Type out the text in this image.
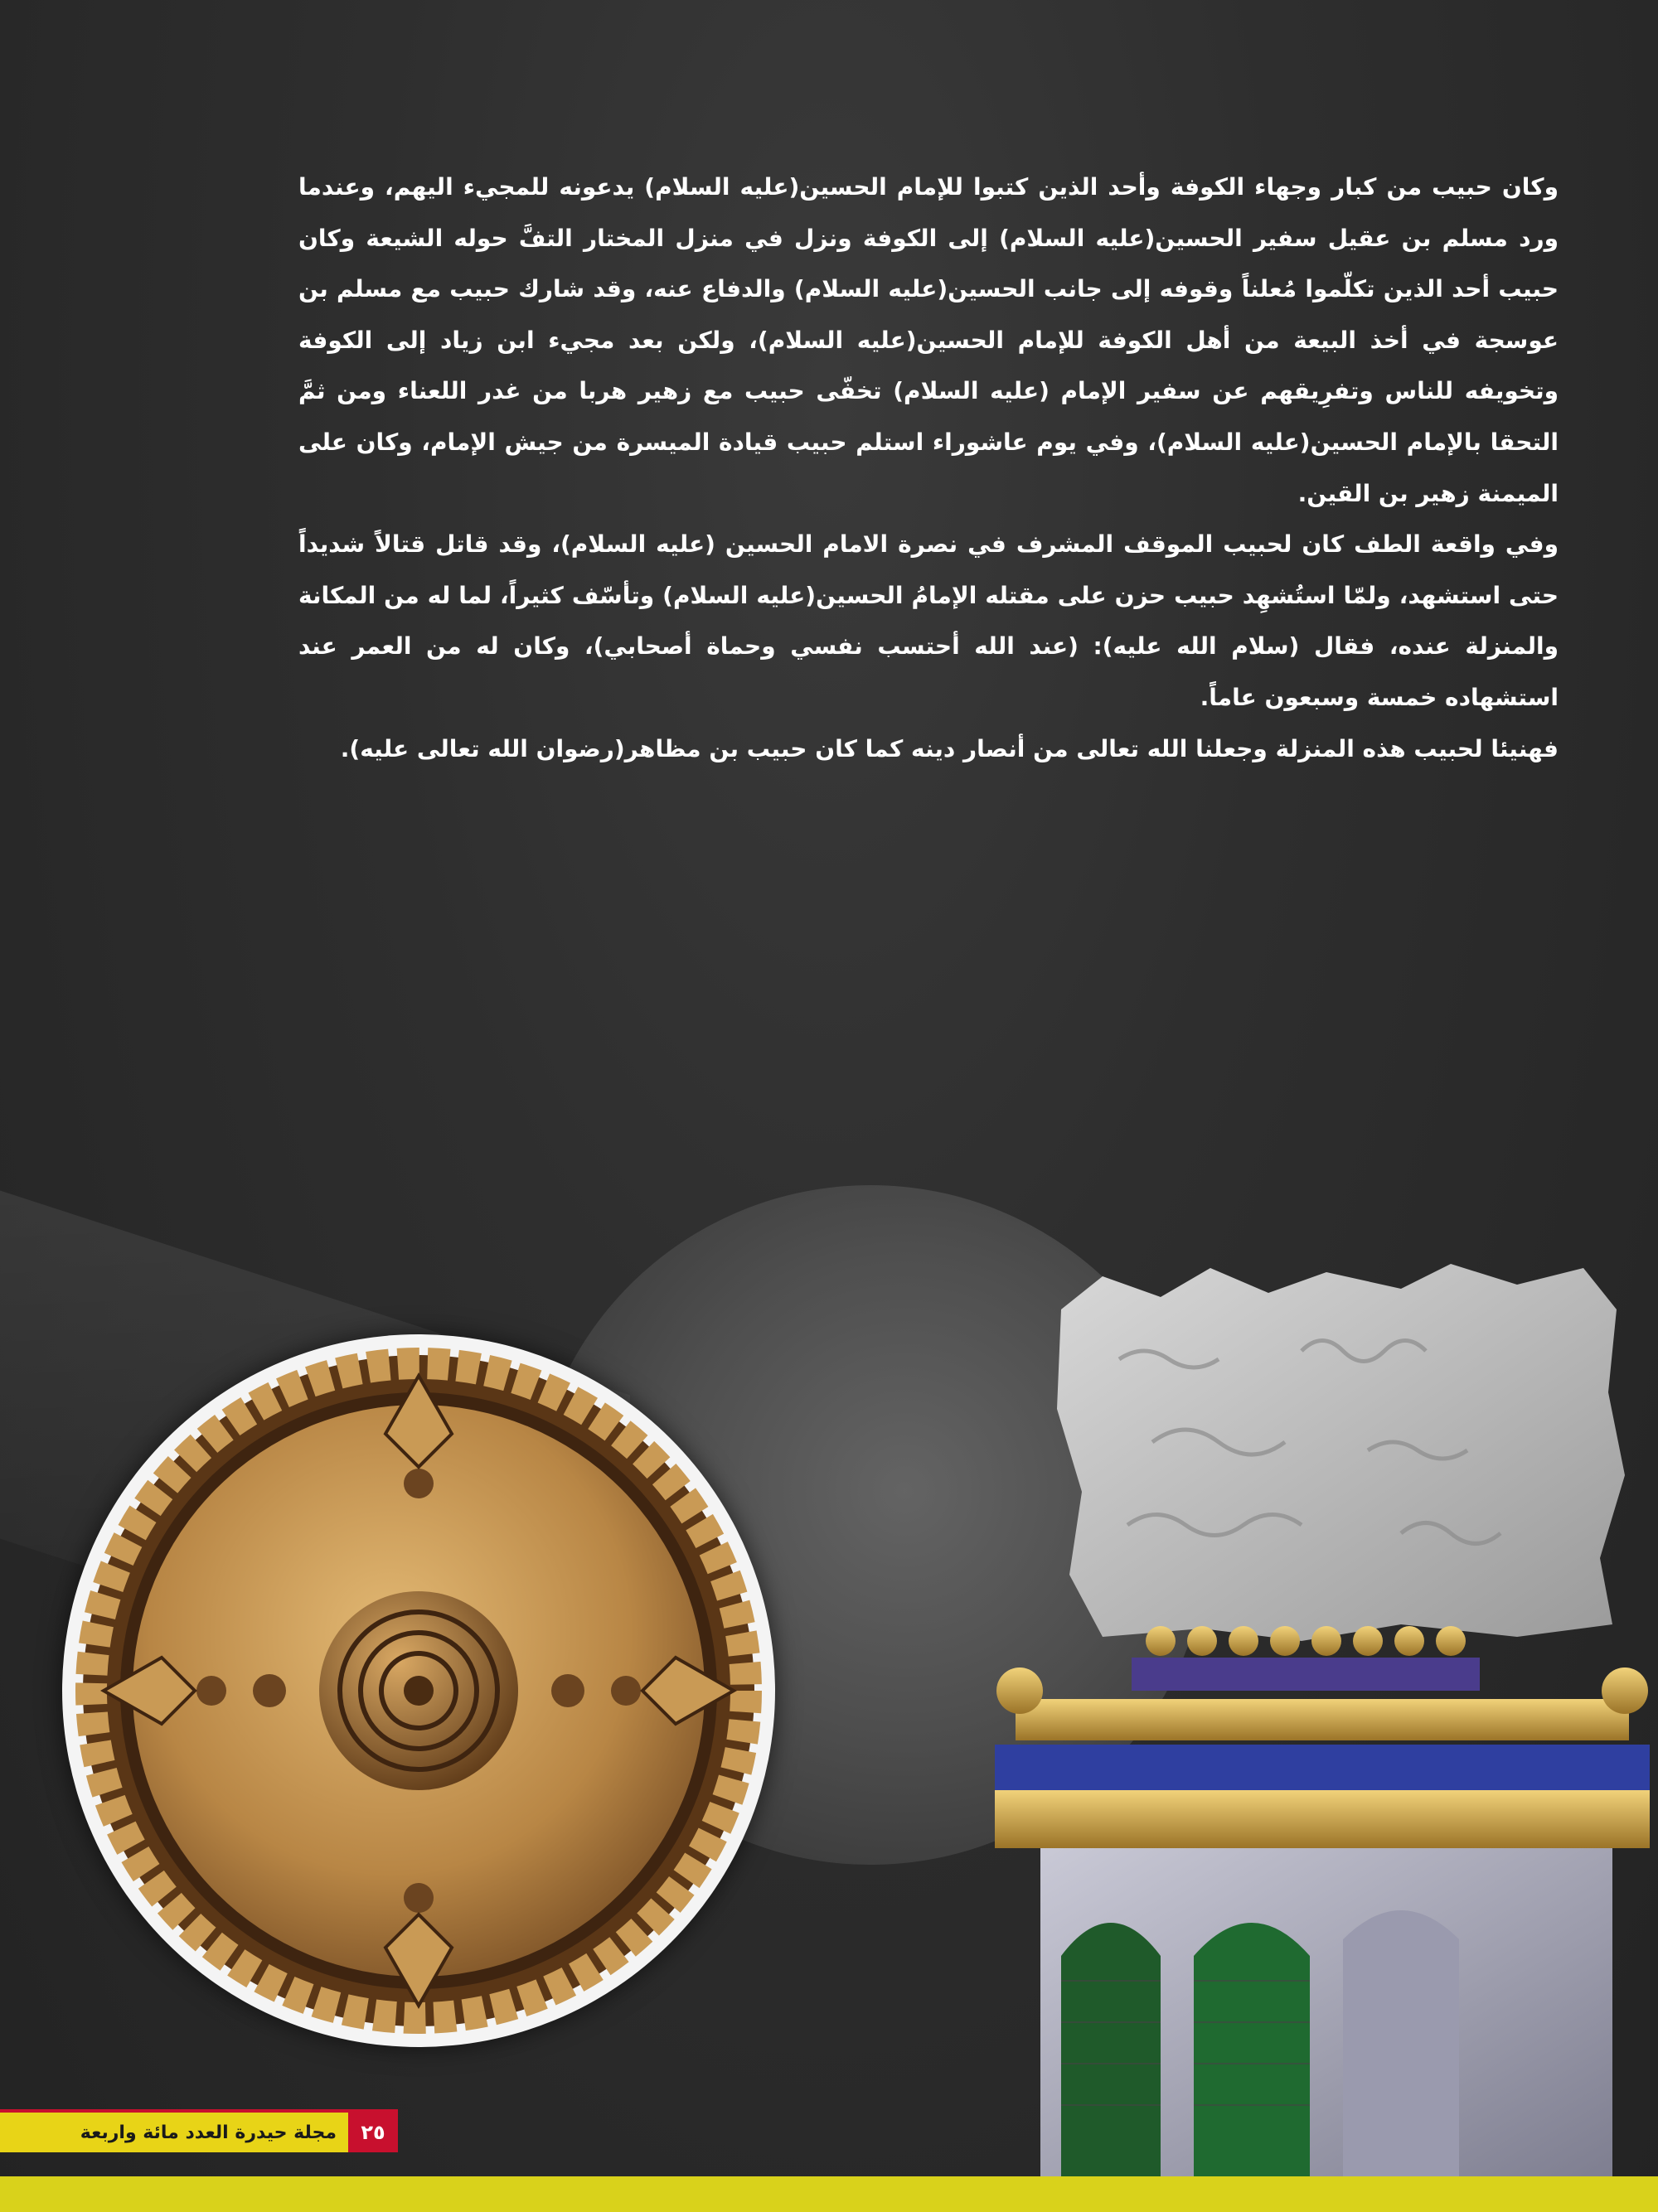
وكان حبيب من كبار وجهاء الكوفة وأحد الذين كتبوا للإمام الحسين(عليه السلام) يدعونه للمجيء اليهم، وعندما ورد مسلم بن عقيل سفير الحسين(عليه السلام) إلى الكوفة ونزل في منزل المختار التفَّ حوله الشيعة وكان حبيب أحد الذين تكلّموا مُعلناً وقوفه إلى جانب الحسين(عليه السلام) والدفاع عنه، وقد شارك حبيب مع مسلم بن عوسجة في أخذ البيعة من أهل الكوفة للإمام الحسين(عليه السلام)، ولكن بعد مجيء ابن زياد إلى الكوفة وتخويفه للناس وتفرِيقهم عن سفير الإمام (عليه السلام) تخفّى حبيب مع زهير هربا من غدر اللعناء ومن ثمَّ التحقا بالإمام الحسين(عليه السلام)، وفي يوم عاشوراء استلم حبيب قيادة الميسرة من جيش الإمام، وكان على الميمنة زهير بن القين.

وفي واقعة الطف كان لحبيب الموقف المشرف في نصرة الامام الحسين (عليه السلام)، وقد قاتل قتالاً شديداً حتى استشهد، ولمّا استُشهِد حبيب حزن على مقتله الإمامُ الحسين(عليه السلام) وتأسّف كثيراً، لما له من المكانة والمنزلة عنده، فقال (سلام الله عليه): (عند الله أحتسب نفسي وحماة أصحابي)، وكان له من العمر عند استشهاده خمسة وسبعون عاماً.

فهنيئا لحبيب هذه المنزلة وجعلنا الله تعالى من أنصار دينه كما كان حبيب بن مظاهر(رضوان الله تعالى عليه).

٢٥
مجلة حيدرة العدد مائة واربعة
